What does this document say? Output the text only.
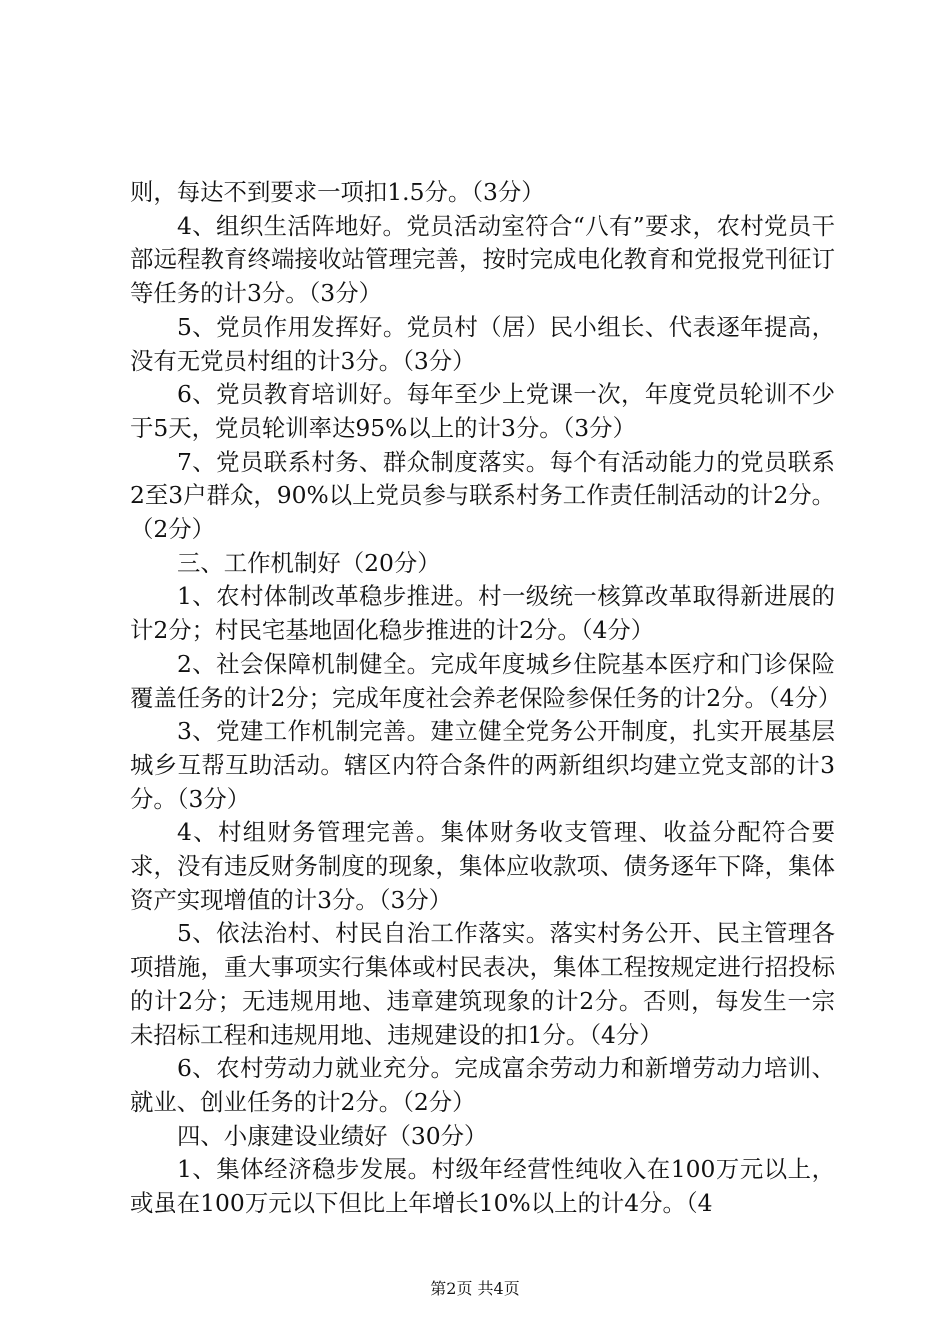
则，每达不到要求一项扣1.5分。（3分）

4、组织生活阵地好。党员活动室符合“八有”要求，农村党员干部远程教育终端接收站管理完善，按时完成电化教育和党报党刊征订等任务的计3分。（3分）

5、党员作用发挥好。党员村（居）民小组长、代表逐年提高，没有无党员村组的计3分。（3分）

6、党员教育培训好。每年至少上党课一次，年度党员轮训不少于5天，党员轮训率达95%以上的计3分。（3分）

7、党员联系村务、群众制度落实。每个有活动能力的党员联系2至3户群众，90%以上党员参与联系村务工作责任制活动的计2分。（2分）

三、工作机制好（20分）

1、农村体制改革稳步推进。村一级统一核算改革取得新进展的计2分；村民宅基地固化稳步推进的计2分。（4分）

2、社会保障机制健全。完成年度城乡住院基本医疗和门诊保险覆盖任务的计2分；完成年度社会养老保险参保任务的计2分。（4分）

3、党建工作机制完善。建立健全党务公开制度，扎实开展基层城乡互帮互助活动。辖区内符合条件的两新组织均建立党支部的计3分。（3分）

4、村组财务管理完善。集体财务收支管理、收益分配符合要求，没有违反财务制度的现象，集体应收款项、债务逐年下降，集体资产实现增值的计3分。（3分）

5、依法治村、村民自治工作落实。落实村务公开、民主管理各项措施，重大事项实行集体或村民表决，集体工程按规定进行招投标的计2分；无违规用地、违章建筑现象的计2分。否则，每发生一宗未招标工程和违规用地、违规建设的扣1分。（4分）

6、农村劳动力就业充分。完成富余劳动力和新增劳动力培训、就业、创业任务的计2分。（2分）

四、小康建设业绩好（30分）

1、集体经济稳步发展。村级年经营性纯收入在100万元以上，或虽在100万元以下但比上年增长10%以上的计4分。（4

第2页 共4页
